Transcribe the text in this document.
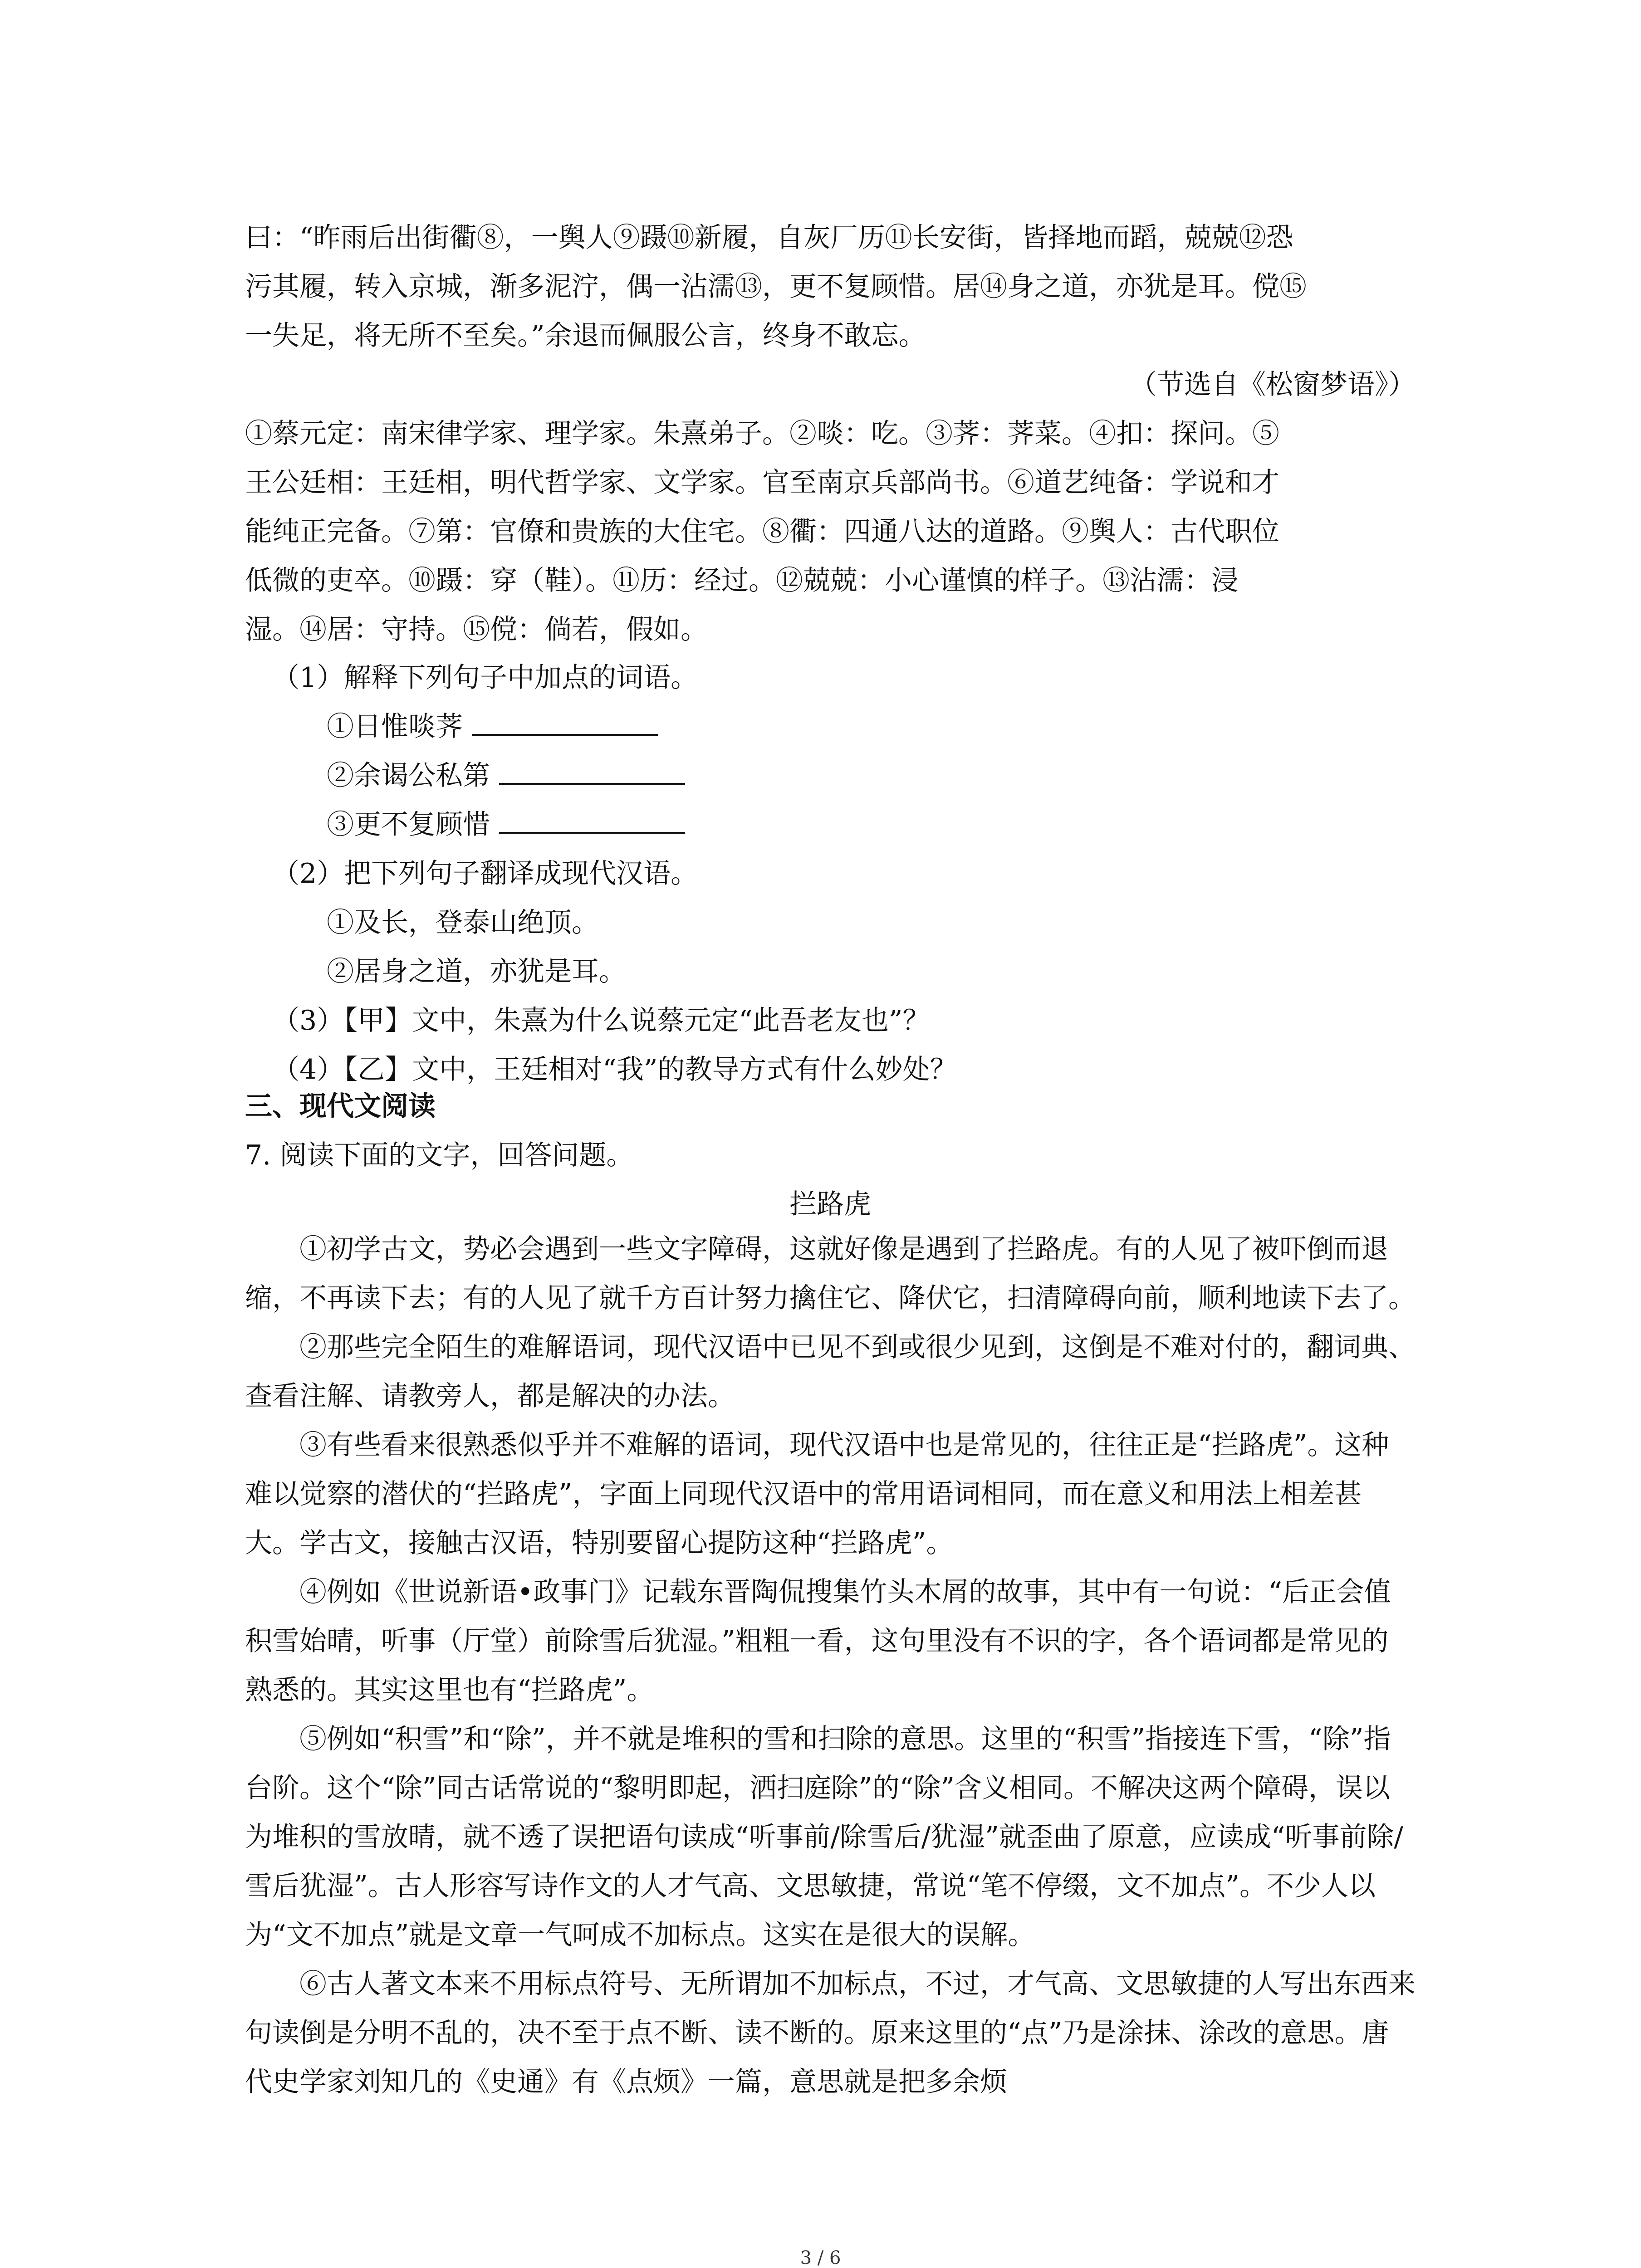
曰：“昨雨后出街衢⑧，一舆人⑨蹑⑩新履，自灰厂历⑪长安街，皆择地而蹈，兢兢⑫恐
污其履，转入京城，渐多泥泞，偶一沾濡⑬，更不复顾惜。居⑭身之道，亦犹是耳。傥⑮
一失足，将无所不至矣。”余退而佩服公言，终身不敢忘。
（节选自《松窗梦语》）
①蔡元定：南宋律学家、理学家。朱熹弟子。②啖：吃。③荠：荠菜。④扣：探问。⑤
王公廷相：王廷相，明代哲学家、文学家。官至南京兵部尚书。⑥道艺纯备：学说和才
能纯正完备。⑦第：官僚和贵族的大住宅。⑧衢：四通八达的道路。⑨舆人：古代职位
低微的吏卒。⑩蹑：穿（鞋）。⑪历：经过。⑫兢兢：小心谨慎的样子。⑬沾濡：浸
湿。⑭居：守持。⑮傥：倘若，假如。
（1）解释下列句子中加点的词语。
①日惟啖荠
②余谒公私第
③更不复顾惜
（2）把下列句子翻译成现代汉语。
①及长，登泰山绝顶。
②居身之道，亦犹是耳。
（3）【甲】文中，朱熹为什么说蔡元定“此吾老友也”？
（4）【乙】文中，王廷相对“我”的教导方式有什么妙处？
三、现代文阅读
7. 阅读下面的文字，回答问题。
拦路虎
①初学古文，势必会遇到一些文字障碍，这就好像是遇到了拦路虎。有的人见了被吓倒而退缩，不再读下去；有的人见了就千方百计努力擒住它、降伏它，扫清障碍向前，顺利地读下去了。
②那些完全陌生的难解语词，现代汉语中已见不到或很少见到，这倒是不难对付的，翻词典、查看注解、请教旁人，都是解决的办法。
③有些看来很熟悉似乎并不难解的语词，现代汉语中也是常见的，往往正是“拦路虎”。这种难以觉察的潜伏的“拦路虎”，字面上同现代汉语中的常用语词相同，而在意义和用法上相差甚大。学古文，接触古汉语，特别要留心提防这种“拦路虎”。
④例如《世说新语•政事门》记载东晋陶侃搜集竹头木屑的故事，其中有一句说：“后正会值积雪始晴，听事（厅堂）前除雪后犹湿。”粗粗一看，这句里没有不识的字，各个语词都是常见的熟悉的。其实这里也有“拦路虎”。
⑤例如“积雪”和“除”，并不就是堆积的雪和扫除的意思。这里的“积雪”指接连下雪，“除”指台阶。这个“除”同古话常说的“黎明即起，洒扫庭除”的“除”含义相同。不解决这两个障碍，误以为堆积的雪放晴，就不透了误把语句读成“听事前/除雪后/犹湿”就歪曲了原意，应读成“听事前除/雪后犹湿”。古人形容写诗作文的人才气高、文思敏捷，常说“笔不停缀，文不加点”。不少人以为“文不加点”就是文章一气呵成不加标点。这实在是很大的误解。
⑥古人著文本来不用标点符号、无所谓加不加标点，不过，才气高、文思敏捷的人写出东西来句读倒是分明不乱的，决不至于点不断、读不断的。原来这里的“点”乃是涂抹、涂改的意思。唐代史学家刘知几的《史通》有《点烦》一篇，意思就是把多余烦
3 / 6
